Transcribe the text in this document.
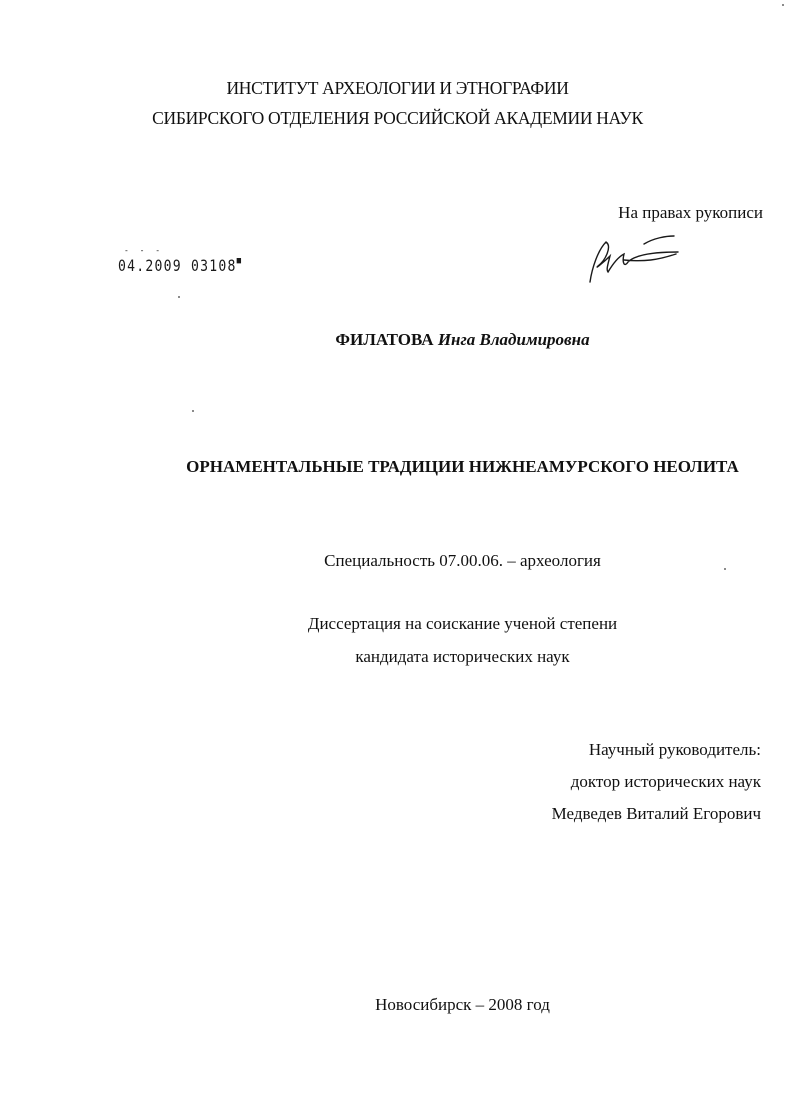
ИНСТИТУТ АРХЕОЛОГИИ И ЭТНОГРАФИИ
СИБИРСКОГО ОТДЕЛЕНИЯ РОССИЙСКОЙ АКАДЕМИИ НАУК
На правах рукописи
- - -
04.2009 03108■
ФИЛАТОВА Инга Владимировна
ОРНАМЕНТАЛЬНЫЕ ТРАДИЦИИ НИЖНЕАМУРСКОГО НЕОЛИТА
Специальность 07.00.06. – археология
Диссертация на соискание ученой степени
кандидата исторических наук
Научный руководитель:
доктор исторических наук
Медведев Виталий Егорович
Новосибирск – 2008 год
